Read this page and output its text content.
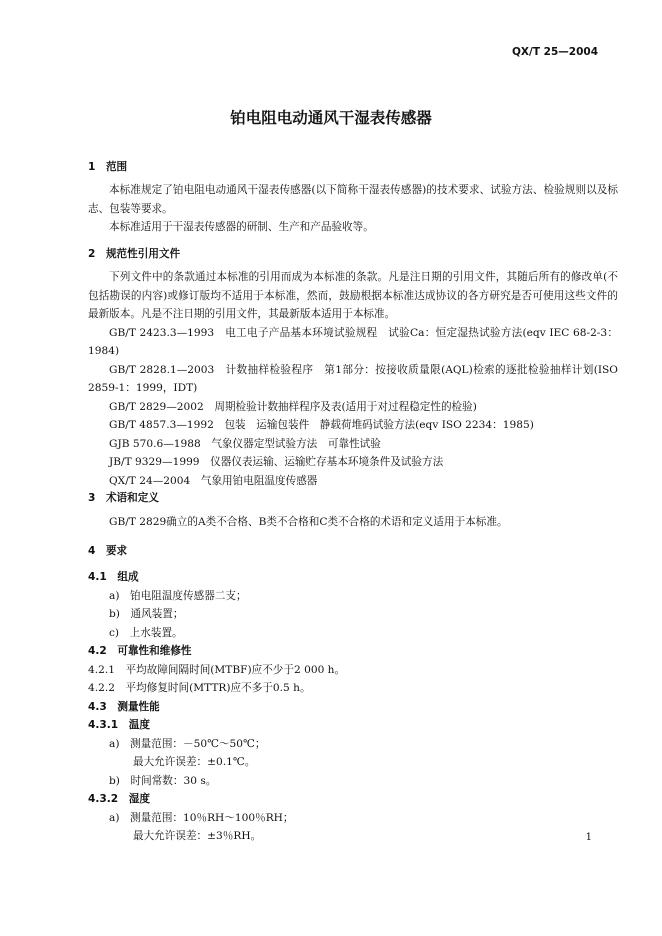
QX/T 25—2004
铂电阻电动通风干湿表传感器
1　范围
本标准规定了铂电阻电动通风干湿表传感器(以下简称干湿表传感器)的技术要求、试验方法、检验规则以及标志、包装等要求。
本标准适用于干湿表传感器的研制、生产和产品验收等。
2　规范性引用文件
下列文件中的条款通过本标准的引用而成为本标准的条款。凡是注日期的引用文件，其随后所有的修改单(不包括勘误的内容)或修订版均不适用于本标准，然而，鼓励根据本标准达成协议的各方研究是否可使用这些文件的最新版本。凡是不注日期的引用文件，其最新版本适用于本标准。
GB/T 2423.3—1993　电工电子产品基本环境试验规程　试验Ca：恒定湿热试验方法(eqv IEC 68-2-3：1984)
GB/T 2828.1—2003　计数抽样检验程序　第1部分：按接收质量限(AQL)检索的逐批检验抽样计划(ISO 2859-1：1999，IDT)
GB/T 2829—2002　周期检验计数抽样程序及表(适用于对过程稳定性的检验)
GB/T 4857.3—1992　包装　运输包装件　静载荷堆码试验方法(eqv ISO 2234：1985)
GJB 570.6—1988　气象仪器定型试验方法　可靠性试验
JB/T 9329—1999　仪器仪表运输、运输贮存基本环境条件及试验方法
QX/T 24—2004　气象用铂电阻温度传感器
3　术语和定义
GB/T 2829确立的A类不合格、B类不合格和C类不合格的术语和定义适用于本标准。
4　要求
4.1　组成
a)　铂电阻温度传感器二支；
b)　通风装置；
c)　上水装置。
4.2　可靠性和维修性
4.2.1　平均故障间隔时间(MTBF)应不少于2 000 h。
4.2.2　平均修复时间(MTTR)应不多于0.5 h。
4.3　测量性能
4.3.1　温度
a)　测量范围：－50℃～50℃；
最大允许误差：±0.1℃。
b)　时间常数：30 s。
4.3.2　湿度
a)　测量范围：10％RH～100％RH；
最大允许误差：±3％RH。	1
